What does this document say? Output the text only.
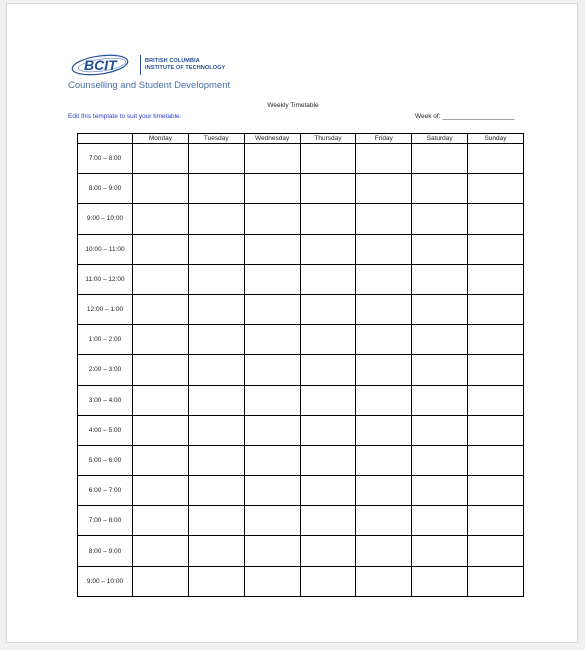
BCIT	BRITISH COLUMBIA
INSTITUTE OF TECHNOLOGY
Counselling and Student Development
Weekly Timetable
Edit this template to suit your timetable.	Week of: ____________________
	Monday	Tuesday	Wednesday	Thursday	Friday	Saturday	Sunday
7:00 – 8:00							
8:00 – 9:00							
9:00 – 10:00							
10:00 – 11:00							
11:00 – 12:00							
12:00 – 1:00							
1:00 – 2:00							
2:00 – 3:00							
3:00 – 4:00							
4:00 – 5:00							
5:00 – 6:00							
6:00 – 7:00							
7:00 – 8:00							
8:00 – 9:00							
9:00 – 10:00							
